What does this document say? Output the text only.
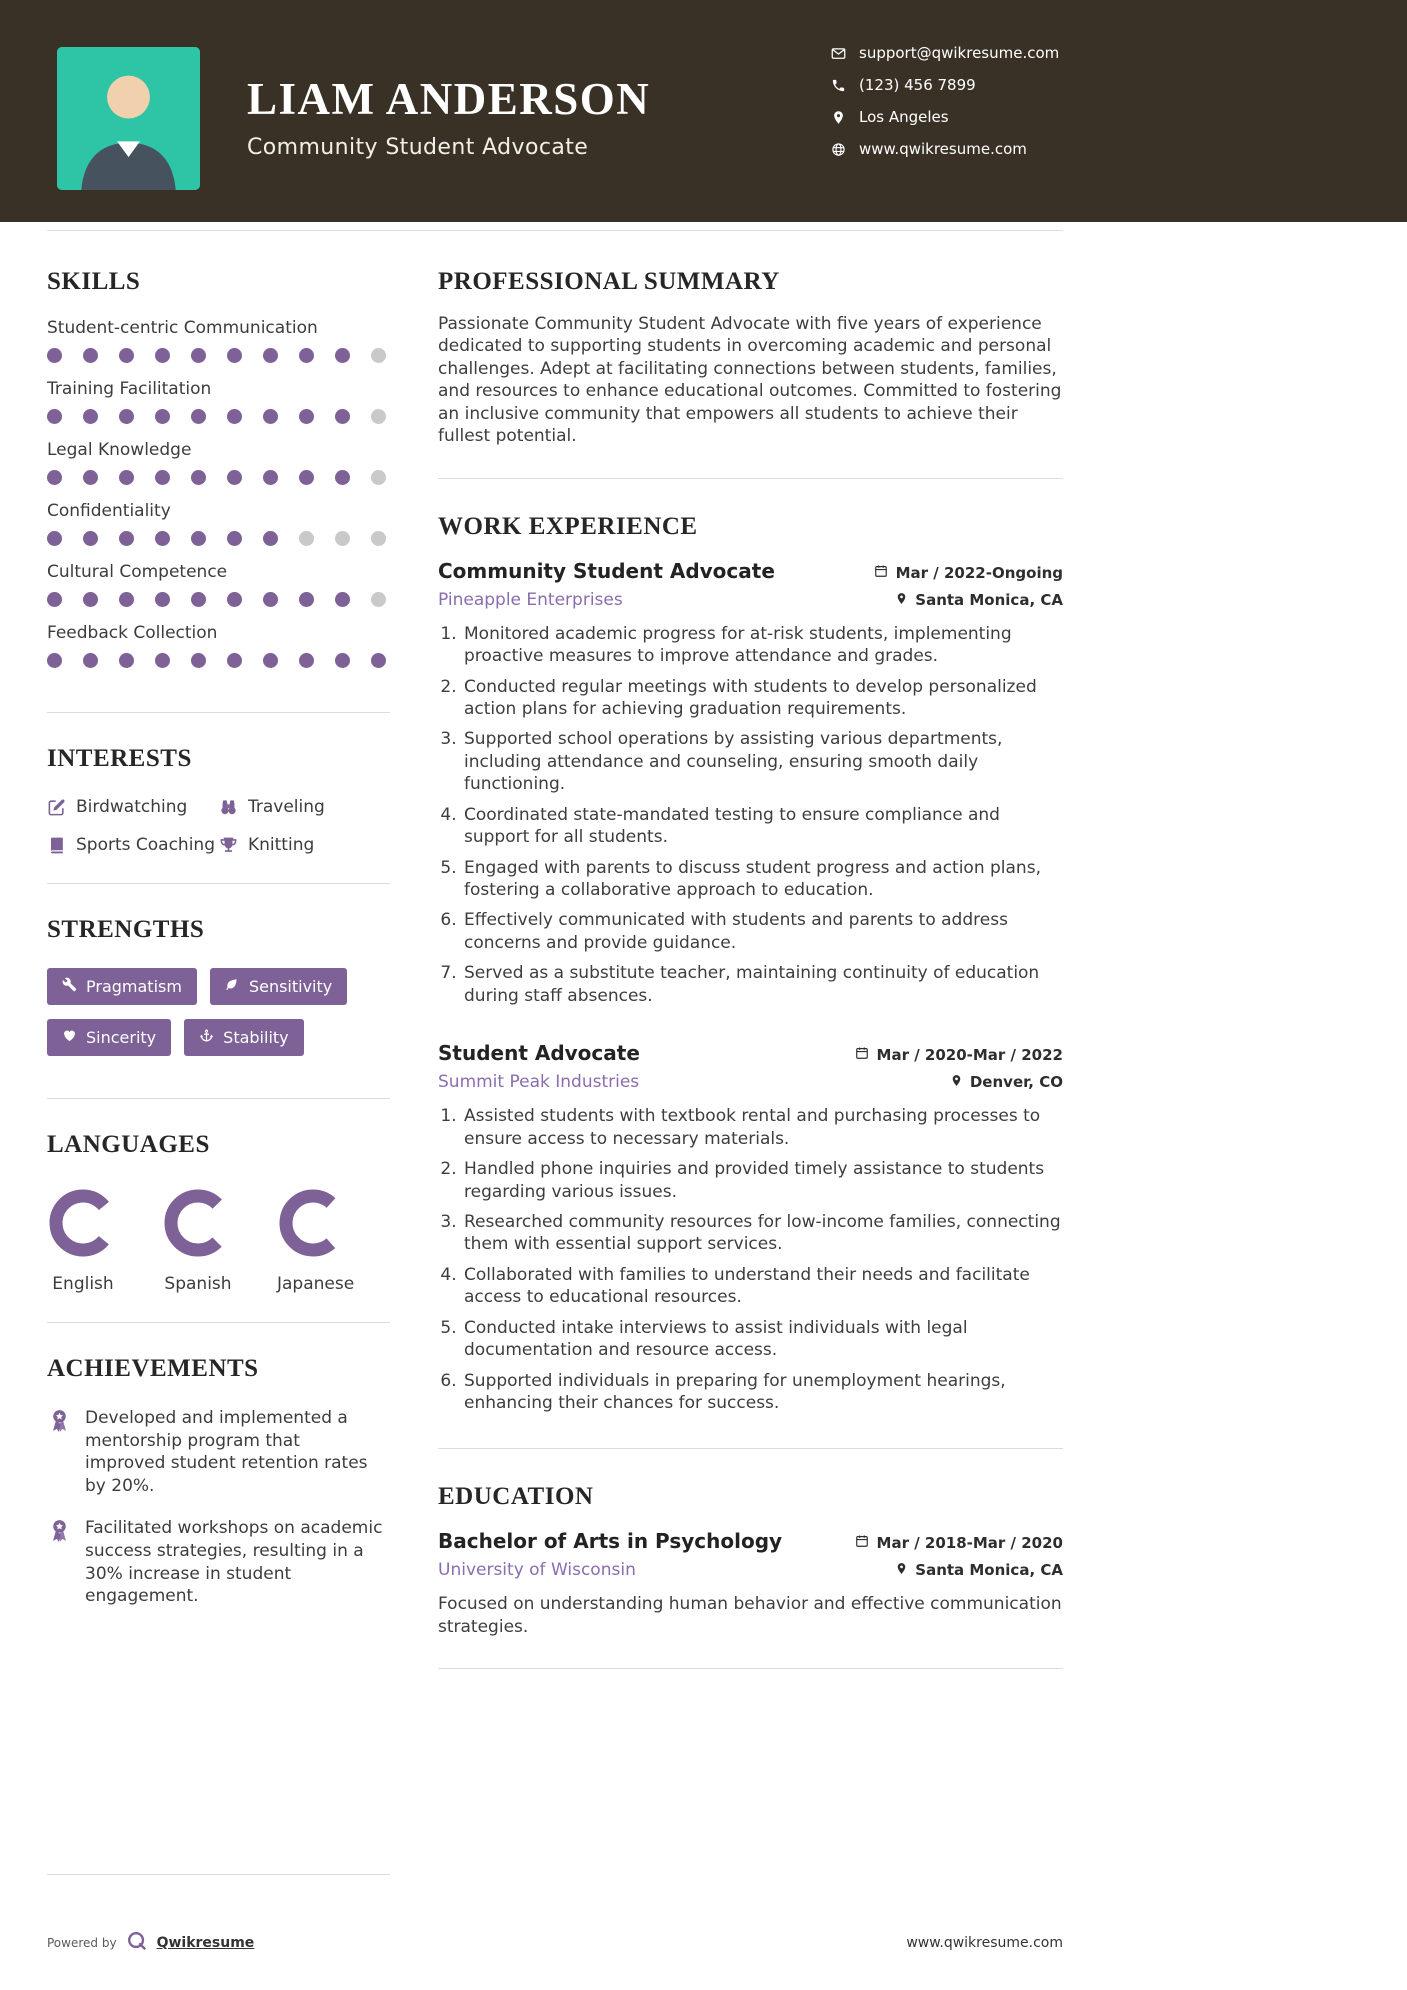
LIAM ANDERSON
Community Student Advocate
support@qwikresume.com
(123) 456 7899
Los Angeles
www.qwikresume.com
SKILLS
Student-centric Communication
Training Facilitation
Legal Knowledge
Confidentiality
Cultural Competence
Feedback Collection
INTERESTS
Birdwatching	Traveling
Sports Coaching Knitting
STRENGTHS
Pragmatism	Sensitivity
Sincerity	Stability
LANGUAGES
English	Spanish	Japanese
ACHIEVEMENTS
Developed and implemented a mentorship program that improved student retention rates by 20%.
Facilitated workshops on academic success strategies, resulting in a 30% increase in student engagement.
PROFESSIONAL SUMMARY

Passionate Community Student Advocate with five years of experience dedicated to supporting students in overcoming academic and personal challenges. Adept at facilitating connections between students, families, and resources to enhance educational outcomes. Committed to fostering an inclusive community that empowers all students to achieve their fullest potential.

WORK EXPERIENCE
Community Student Advocate	Mar / 2022-Ongoing
Pineapple Enterprises	Santa Monica, CA
1. Monitored academic progress for at-risk students, implementing proactive measures to improve attendance and grades.
2. Conducted regular meetings with students to develop personalized action plans for achieving graduation requirements.
3. Supported school operations by assisting various departments, including attendance and counseling, ensuring smooth daily functioning.
4. Coordinated state-mandated testing to ensure compliance and support for all students.
5. Engaged with parents to discuss student progress and action plans, fostering a collaborative approach to education.
6. Effectively communicated with students and parents to address concerns and provide guidance.
7. Served as a substitute teacher, maintaining continuity of education during staff absences.
Student Advocate	Mar / 2020-Mar / 2022
Summit Peak Industries	Denver, CO
1. Assisted students with textbook rental and purchasing processes to ensure access to necessary materials.
2. Handled phone inquiries and provided timely assistance to students regarding various issues.
3. Researched community resources for low-income families, connecting them with essential support services.
4. Collaborated with families to understand their needs and facilitate access to educational resources.
5. Conducted intake interviews to assist individuals with legal documentation and resource access.
6. Supported individuals in preparing for unemployment hearings, enhancing their chances for success.
EDUCATION
Bachelor of Arts in Psychology	Mar / 2018-Mar / 2020
University of Wisconsin	Santa Monica, CA

Focused on understanding human behavior and effective communication strategies.

Powered by	Qwikresume	www.qwikresume.com
